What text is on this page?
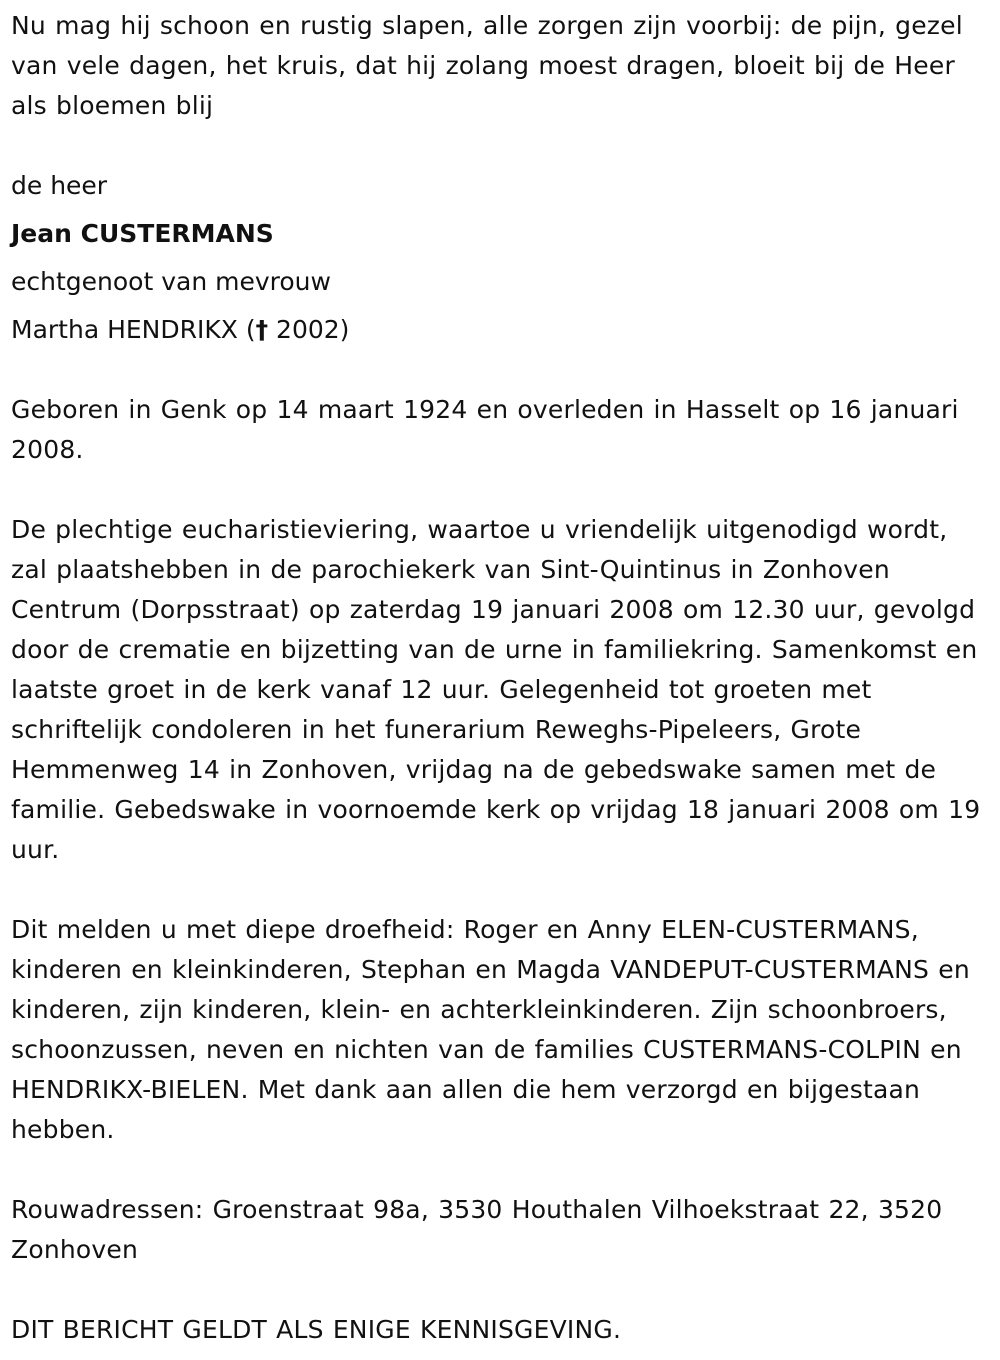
Nu mag hij schoon en rustig slapen, alle zorgen zijn voorbij: de pijn, gezel van vele dagen, het kruis, dat hij zolang moest dragen, bloeit bij de Heer als bloemen blij

de heer

Jean CUSTERMANS

echtgenoot van mevrouw

Martha HENDRIKX († 2002)

Geboren in Genk op 14 maart 1924 en overleden in Hasselt op 16 januari 2008.

De plechtige eucharistieviering, waartoe u vriendelijk uitgenodigd wordt, zal plaatshebben in de parochiekerk van Sint-Quintinus in Zonhoven Centrum (Dorpsstraat) op zaterdag 19 januari 2008 om 12.30 uur, gevolgd door de crematie en bijzetting van de urne in familiekring. Samenkomst en laatste groet in de kerk vanaf 12 uur. Gelegenheid tot groeten met schriftelijk condoleren in het funerarium Reweghs-Pipeleers, Grote Hemmenweg 14 in Zonhoven, vrijdag na de gebedswake samen met de familie. Gebedswake in voornoemde kerk op vrijdag 18 januari 2008 om 19 uur.

Dit melden u met diepe droefheid: Roger en Anny ELEN-CUSTERMANS, kinderen en kleinkinderen, Stephan en Magda VANDEPUT-CUSTERMANS en kinderen, zijn kinderen, klein- en achterkleinkinderen. Zijn schoonbroers, schoonzussen, neven en nichten van de families CUSTERMANS-COLPIN en HENDRIKX-BIELEN. Met dank aan allen die hem verzorgd en bijgestaan hebben.

Rouwadressen: Groenstraat 98a, 3530 Houthalen Vilhoekstraat 22, 3520 Zonhoven

DIT BERICHT GELDT ALS ENIGE KENNISGEVING.
